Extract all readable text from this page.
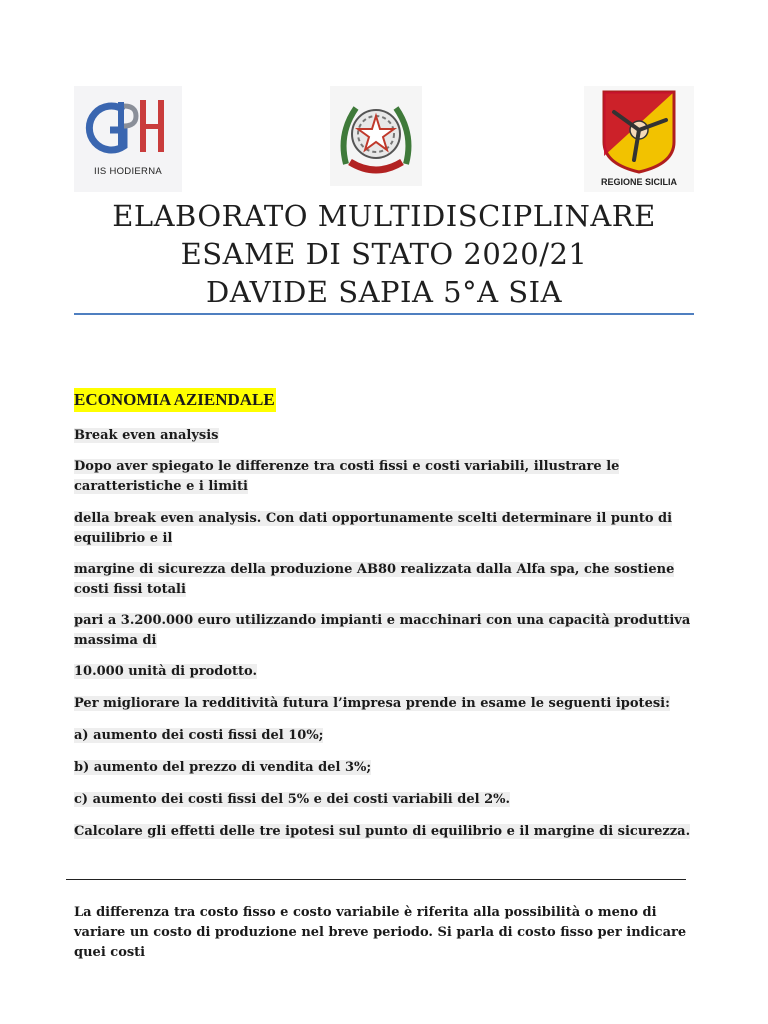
IIS HODIERNA
REGIONE SICILIA
ELABORATO MULTIDISCIPLINARE
ESAME DI STATO 2020/21
DAVIDE SAPIA 5°A SIA
ECONOMIA AZIENDALE
Break even analysis
Dopo aver spiegato le differenze tra costi fissi e costi variabili, illustrare le caratteristiche e i limiti
della break even analysis. Con dati opportunamente scelti determinare il punto di equilibrio e il
margine di sicurezza della produzione AB80 realizzata dalla Alfa spa, che sostiene costi fissi totali
pari a 3.200.000 euro utilizzando impianti e macchinari con una capacità produttiva massima di
10.000 unità di prodotto.
Per migliorare la redditività futura l’impresa prende in esame le seguenti ipotesi:
a) aumento dei costi fissi del 10%;
b) aumento del prezzo di vendita del 3%;
c) aumento dei costi fissi del 5% e dei costi variabili del 2%.
Calcolare gli effetti delle tre ipotesi sul punto di equilibrio e il margine di sicurezza.
La differenza tra costo fisso e costo variabile è riferita alla possibilità o meno di variare un costo di produzione nel breve periodo. Si parla di costo fisso per indicare quei costi
